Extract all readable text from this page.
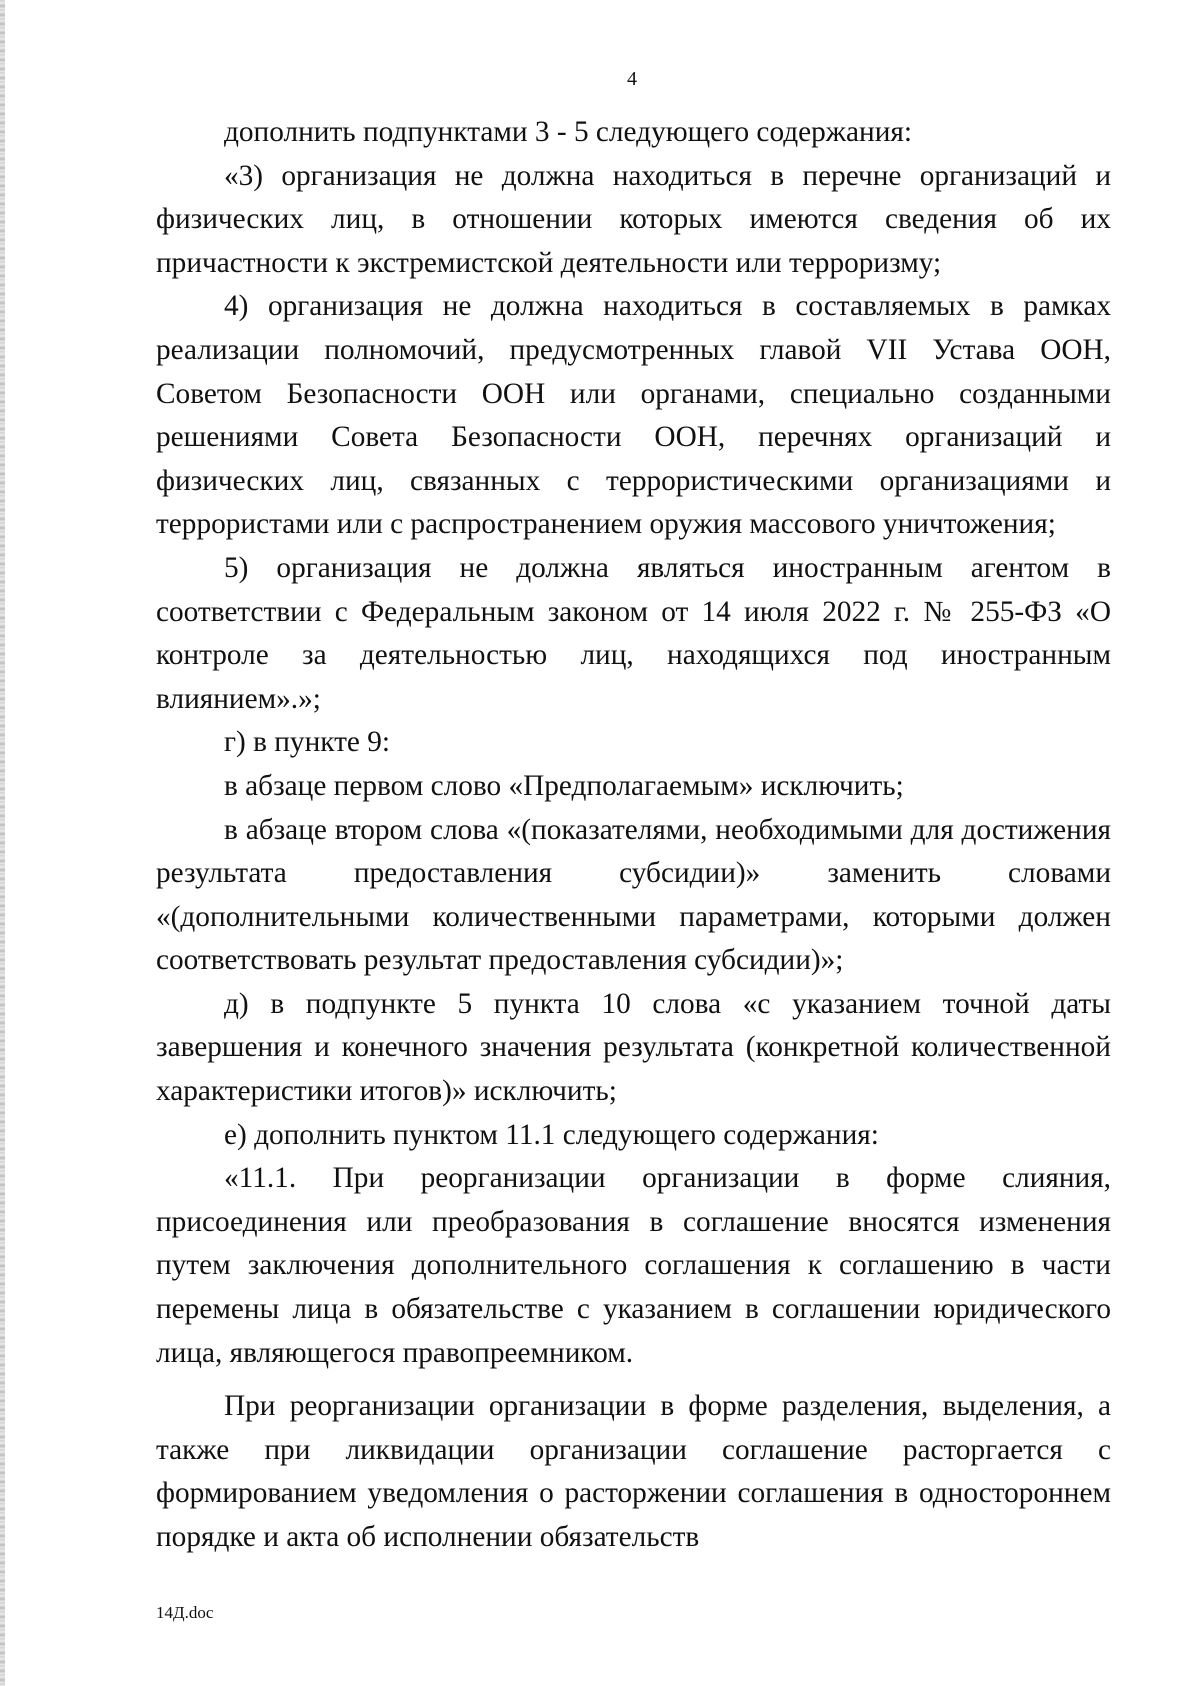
4

дополнить подпунктами 3 - 5 следующего содержания:

«3) организация не должна находиться в перечне организаций и физических лиц, в отношении которых имеются сведения об их причастности к экстремистской деятельности или терроризму;

4) организация не должна находиться в составляемых в рамках реализации полномочий, предусмотренных главой VII Устава ООН, Советом Безопасности ООН или органами, специально созданными решениями Совета Безопасности ООН, перечнях организаций и физических лиц, связанных с террористическими организациями и террористами или с распространением оружия массового уничтожения;

5) организация не должна являться иностранным агентом в соответствии с Федеральным законом от 14 июля 2022 г. № 255-ФЗ «О контроле за деятельностью лиц, находящихся под иностранным влиянием».»;

г) в пункте 9:

в абзаце первом слово «Предполагаемым» исключить;

в абзаце втором слова «(показателями, необходимыми для достижения результата предоставления субсидии)» заменить словами «(дополнительными количественными параметрами, которыми должен соответствовать результат предоставления субсидии)»;

д) в подпункте 5 пункта 10 слова «с указанием точной даты завершения и конечного значения результата (конкретной количественной характеристики итогов)» исключить;

е) дополнить пунктом 11.1 следующего содержания:

«11.1. При реорганизации организации в форме слияния, присоединения или преобразования в соглашение вносятся изменения путем заключения дополнительного соглашения к соглашению в части перемены лица в обязательстве с указанием в соглашении юридического лица, являющегося правопреемником.

При реорганизации организации в форме разделения, выделения, а также при ликвидации организации соглашение расторгается с формированием уведомления о расторжении соглашения в одностороннем порядке и акта об исполнении обязательств

14Д.doc
